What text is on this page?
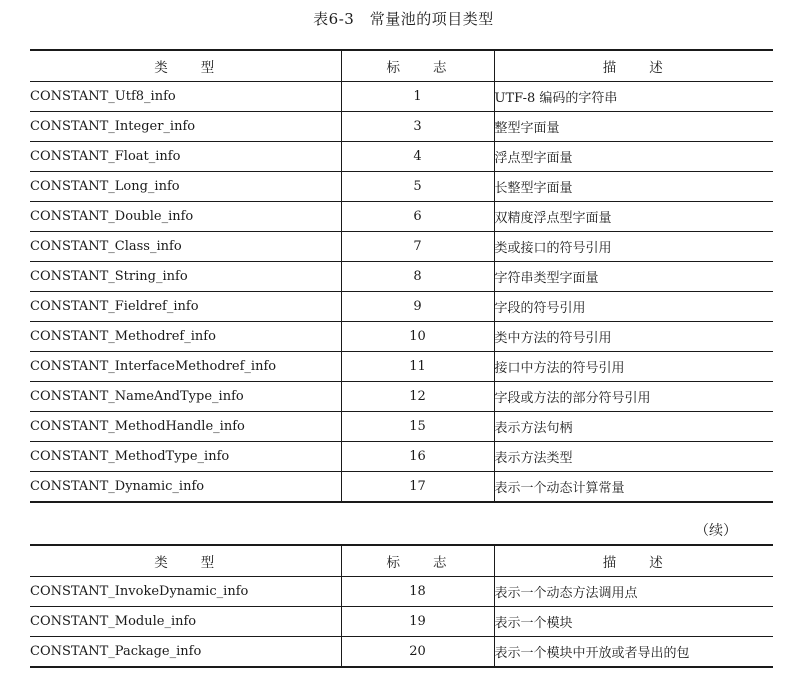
表6-3　常量池的项目类型
类　　型	标　　志	描　　述
CONSTANT_Utf8_info	1	UTF-8 编码的字符串
CONSTANT_Integer_info	3	整型字面量
CONSTANT_Float_info	4	浮点型字面量
CONSTANT_Long_info	5	长整型字面量
CONSTANT_Double_info	6	双精度浮点型字面量
CONSTANT_Class_info	7	类或接口的符号引用
CONSTANT_String_info	8	字符串类型字面量
CONSTANT_Fieldref_info	9	字段的符号引用
CONSTANT_Methodref_info	10	类中方法的符号引用
CONSTANT_InterfaceMethodref_info	11	接口中方法的符号引用
CONSTANT_NameAndType_info	12	字段或方法的部分符号引用
CONSTANT_MethodHandle_info	15	表示方法句柄
CONSTANT_MethodType_info	16	表示方法类型
CONSTANT_Dynamic_info	17	表示一个动态计算常量
（续）
类　　型	标　　志	描　　述
CONSTANT_InvokeDynamic_info	18	表示一个动态方法调用点
CONSTANT_Module_info	19	表示一个模块
CONSTANT_Package_info	20	表示一个模块中开放或者导出的包
